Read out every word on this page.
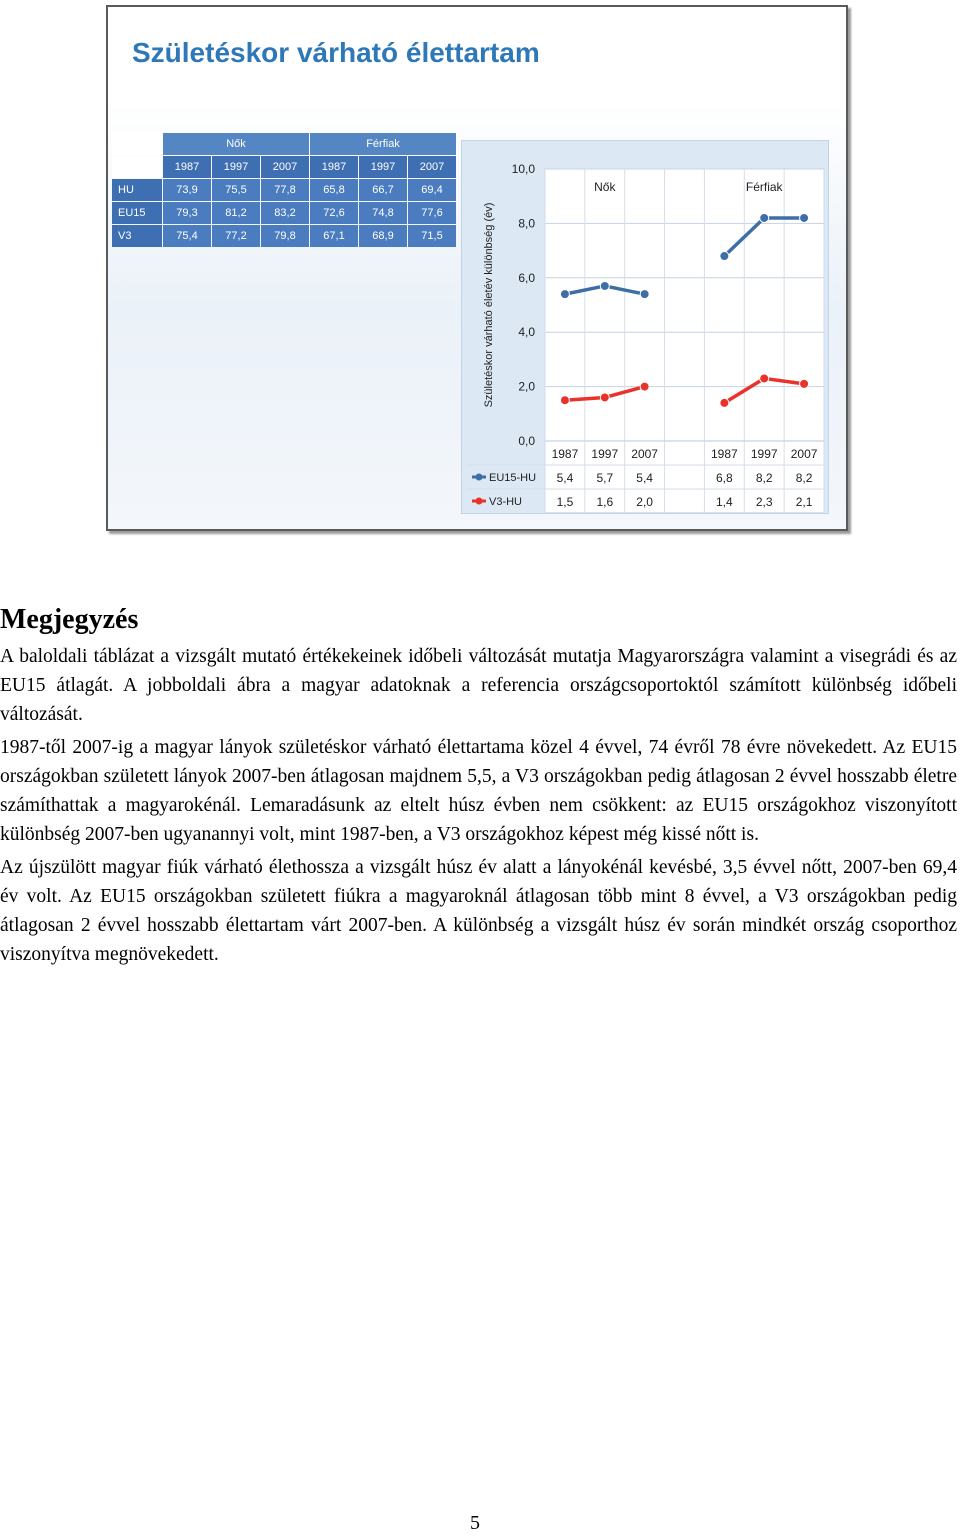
Születéskor várható élettartam
	Nők			Férfiak		
	1987	1997	2007	1987	1997	2007
HU	73,9	75,5	77,8	65,8	66,7	69,4
EU15	79,3	81,2	83,2	72,6	74,8	77,6
V3	75,4	77,2	79,8	67,1	68,9	71,5
0,0
2,0
4,0
6,0
8,0
10,0
Nők	Férfiak
Születéskor várható életév különbség (év)
1987 1997 2007	1987 1997 2007
EU15-HU 5,4 5,7 5,4	6,8 8,2 8,2
V3-HU	1,5 1,6 2,0	1,4 2,3 2,1
Megjegyzés

A baloldali táblázat a vizsgált mutató értékekeinek időbeli változását mutatja Magyarországra valamint a visegrádi és az EU15 átlagát. A jobboldali ábra a magyar adatoknak a referencia országcsoportoktól számított különbség időbeli változását.

1987-től 2007-ig a magyar lányok születéskor várható élettartama közel 4 évvel, 74 évről 78 évre növekedett. Az EU15 országokban született lányok 2007-ben átlagosan majdnem 5,5, a V3 országokban pedig átlagosan 2 évvel hosszabb életre számíthattak a magyarokénál. Lemaradásunk az eltelt húsz évben nem csökkent: az EU15 országokhoz viszonyított különbség 2007-ben ugyanannyi volt, mint 1987-ben, a V3 országokhoz képest még kissé nőtt is.

Az újszülött magyar fiúk várható élethossza a vizsgált húsz év alatt a lányokénál kevésbé, 3,5 évvel nőtt, 2007-ben 69,4 év volt. Az EU15 országokban született fiúkra a magyaroknál átlagosan több mint 8 évvel, a V3 országokban pedig átlagosan 2 évvel hosszabb élettartam várt 2007-ben. A különbség a vizsgált húsz év során mindkét ország csoporthoz viszonyítva megnövekedett.

5
